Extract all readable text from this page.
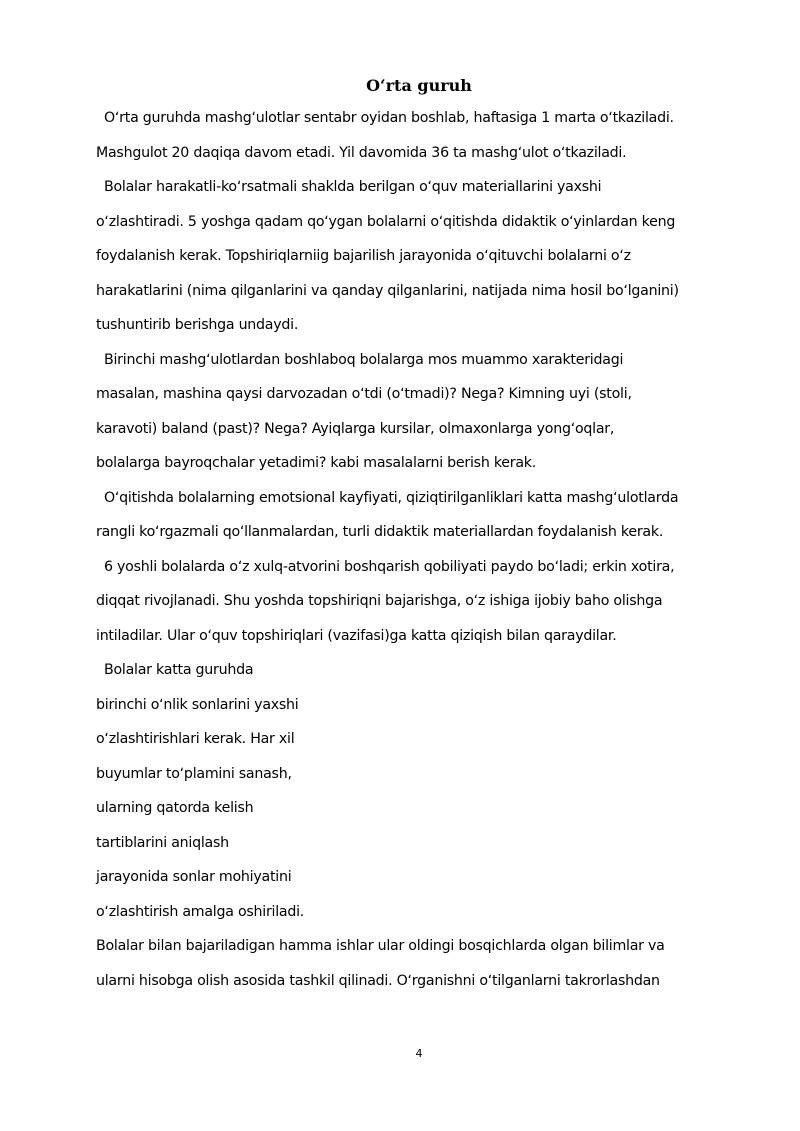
Oʻrta guruh
Oʻrta guruhda mashgʻulotlar sentabr oyidan boshlab, haftasiga 1 marta oʻtkaziladi.
Mashgulot 20 daqiqa davom etadi. Yil davomida 36 ta mashgʻulot oʻtkaziladi.
Bolalar harakatli-koʻrsatmali shaklda berilgan oʻquv materiallarini yaxshi
oʻzlashtiradi. 5 yoshga qadam qoʻygan bolalarni oʻqitishda didaktik oʻyinlardan keng
foydalanish kerak. Topshiriqlarniig bajarilish jarayonida oʻqituvchi bolalarni oʻz
harakatlarini (nima qilganlarini va qanday qilganlarini, natijada nima hosil boʻlganini)
tushuntirib berishga undaydi.
Birinchi mashgʻulotlardan boshlaboq bolalarga mos muammo xarakteridagi
masalan, mashina qaysi darvozadan oʻtdi (oʻtmadi)? Nega? Kimning uyi (stoli,
karavoti) baland (past)? Nega? Ayiqlarga kursilar, olmaxonlarga yongʻoqlar,
bolalarga bayroqchalar yetadimi? kabi masalalarni berish kerak.
Oʻqitishda bolalarning emotsional kayfiyati, qiziqtirilganliklari katta mashgʻulotlarda
rangli koʻrgazmali qoʻllanmalardan, turli didaktik materiallardan foydalanish kerak.
6 yoshli bolalarda oʻz xulq-atvorini boshqarish qobiliyati paydo boʻladi; erkin xotira,
diqqat rivojlanadi. Shu yoshda topshiriqni bajarishga, oʻz ishiga ijobiy baho olishga
intiladilar. Ular oʻquv topshiriqlari (vazifasi)ga katta qiziqish bilan qaraydilar.
Bolalar katta guruhda
birinchi oʻnlik sonlarini yaxshi
oʻzlashtirishlari kerak. Har xil
buyumlar toʻplamini sanash,
ularning qatorda kelish
tartiblarini aniqlash
jarayonida sonlar mohiyatini
oʻzlashtirish amalga oshiriladi.
Bolalar bilan bajariladigan hamma ishlar ular oldingi bosqichlarda olgan bilimlar va
ularni hisobga olish asosida tashkil qilinadi. Oʻrganishni oʻtilganlarni takrorlashdan
4
